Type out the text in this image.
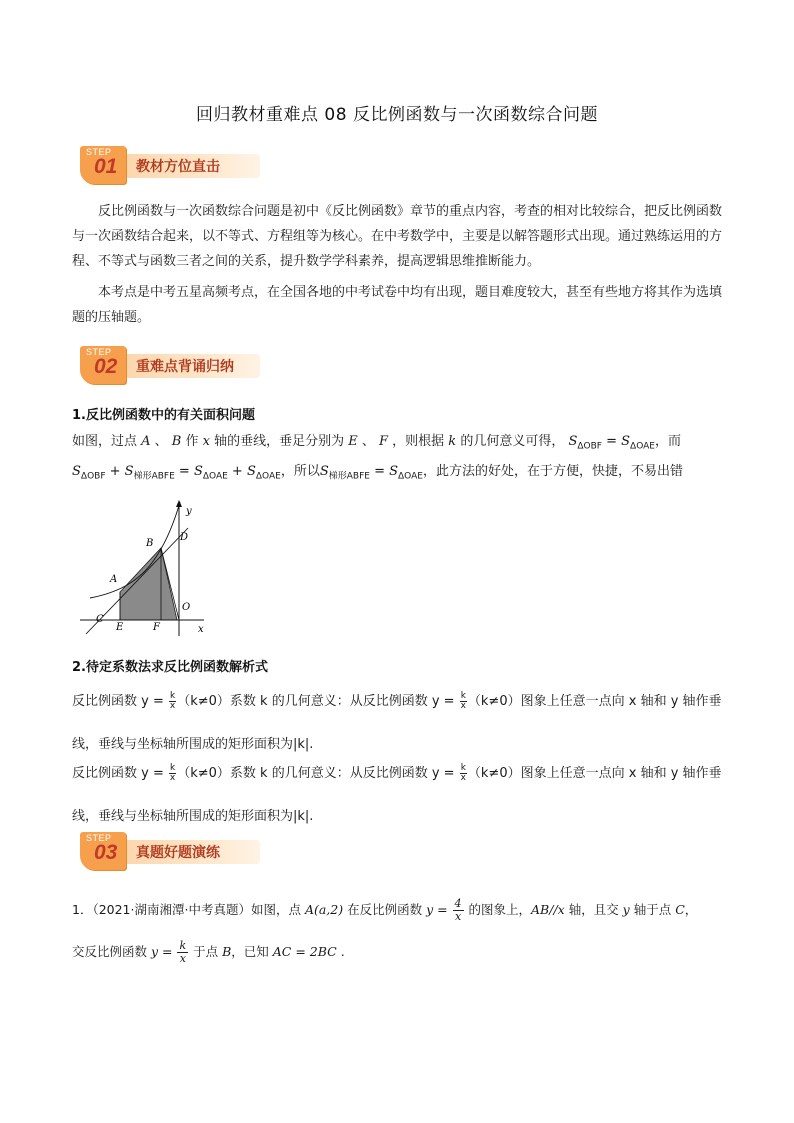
回归教材重难点 08 反比例函数与一次函数综合问题
STEP
01 教材方位直击
反比例函数与一次函数综合问题是初中《反比例函数》章节的重点内容，考查的相对比较综合，把反比例函数与一次函数结合起来，以不等式、方程组等为核心。在中考数学中，主要是以解答题形式出现。通过熟练运用的方程、不等式与函数三者之间的关系，提升数学学科素养，提高逻辑思维推断能力。
本考点是中考五星高频考点，在全国各地的中考试卷中均有出现，题目难度较大，甚至有些地方将其作为选填题的压轴题。
STEP
02 重难点背诵归纳
1.反比例函数中的有关面积问题
如图，过点 A 、 B 作 x 轴的垂线，垂足分别为 E 、 F ，则根据 k 的几何意义可得， $S_{\Delta OBF} = S_{\Delta OAE}$，而
$S_{\Delta OBF} + S_{梯形ABFE} = S_{\Delta OAE} + S_{\Delta OAE}$，所以$S_{梯形ABFE} = S_{\Delta OAE}$，此方法的好处，在于方便，快捷，不易出错
y
x
B
D
A
O
C
E	F
2.待定系数法求反比例函数解析式
反比例函数 $y = \frac{k}{x} (k\ne 0)$系数 k 的几何意义：从反比例函数 $y = \frac{k}{x} (k\ne 0)$图象上任意一点向 x 轴和 y 轴作垂
线，垂线与坐标轴所围成的矩形面积为|k|.
反比例函数 $y = \frac{k}{x} (k\ne 0)$系数 k 的几何意义：从反比例函数 $y = \frac{k}{x} (k\ne 0)$图象上任意一点向 x 轴和 y 轴作垂
线，垂线与坐标轴所围成的矩形面积为|k|.
STEP
03 真题好题演练
1．（2021·湖南湘潭·中考真题）如图，点 A(a,2) 在反比例函数 $y = \frac{4}{x}$ 的图象上，AB//x 轴，且交 y 轴于点 C，
交反比例函数 $y = \frac{k}{x}$ 于点 B，已知 AC = 2BC .
